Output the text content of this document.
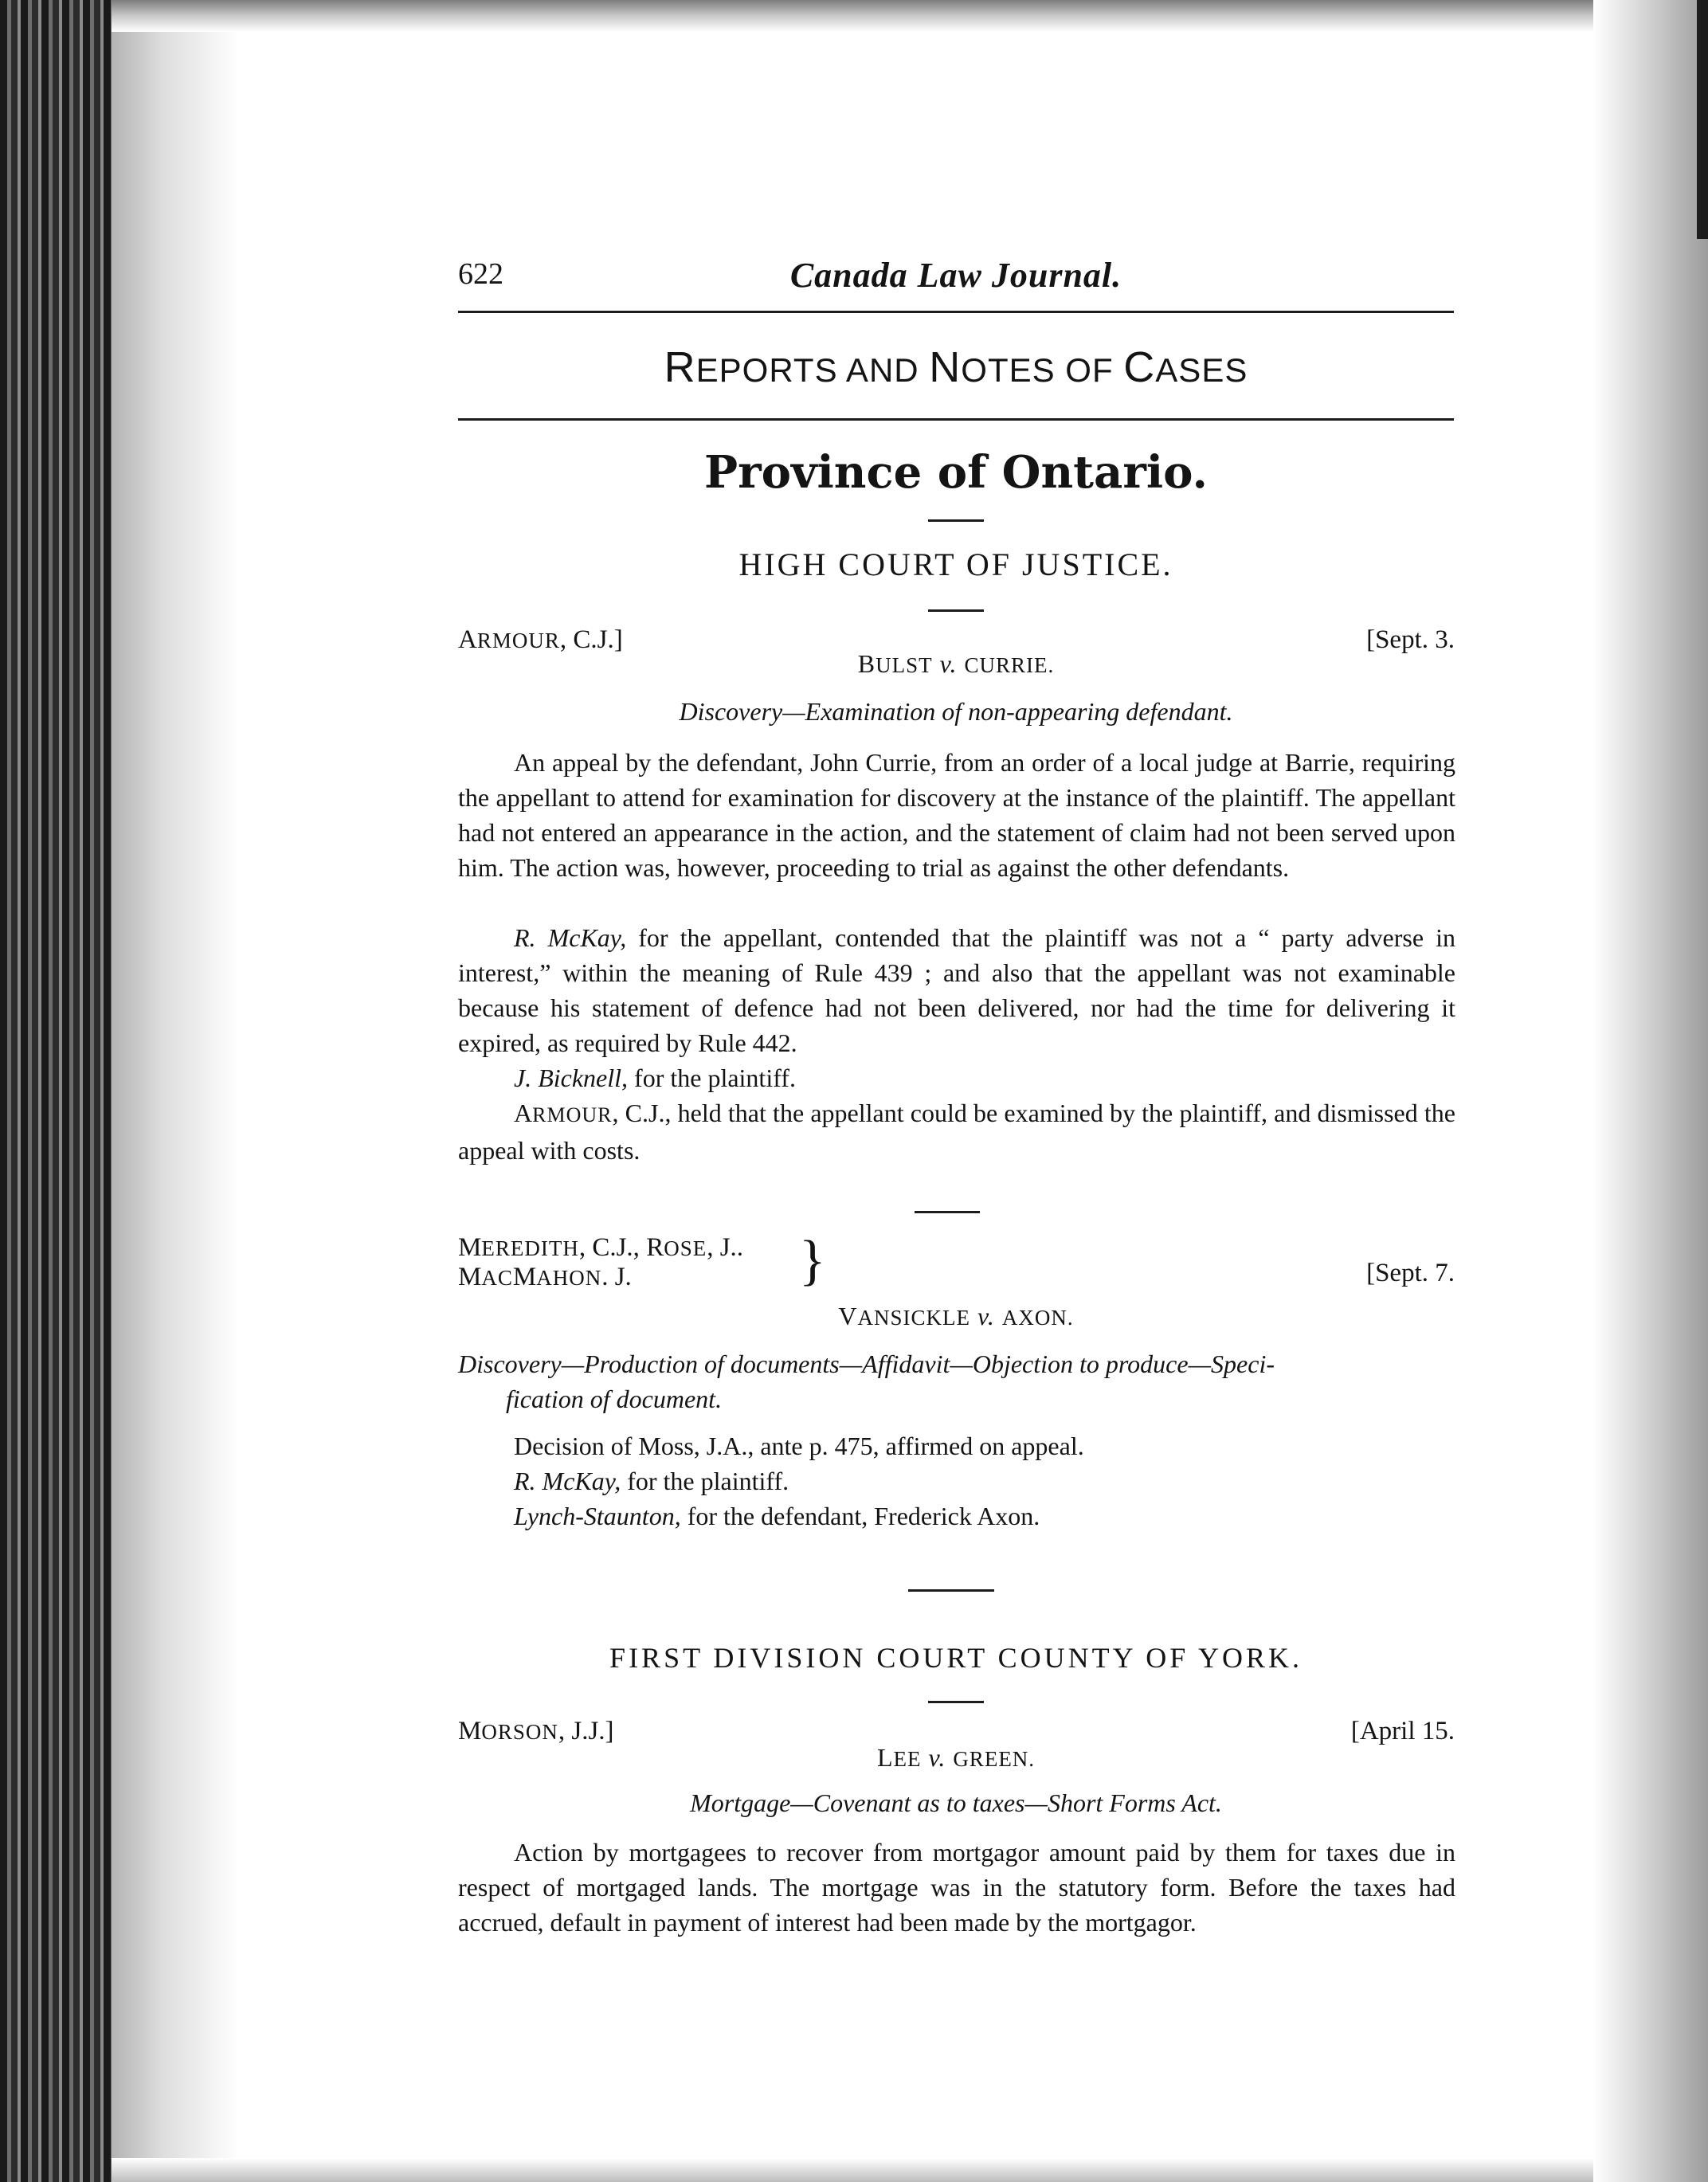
622	Canada Law Journal.
REPORTS AND NOTES OF CASES
Province of Ontario.
HIGH COURT OF JUSTICE.
ARMOUR, C.J.]	[Sept. 3.
BULST v. CURRIE.
Discovery—Examination of non-appearing defendant.
An appeal by the defendant, John Currie, from an order of a local judge at Barrie, requiring the appellant to attend for examination for discovery at the instance of the plaintiff. The appellant had not entered an appearance in the action, and the statement of claim had not been served upon him. The action was, however, proceeding to trial as against the other defendants.
R. McKay, for the appellant, contended that the plaintiff was not a “ party adverse in interest,” within the meaning of Rule 439 ; and also that the appellant was not examinable because his statement of defence had not been delivered, nor had the time for delivering it expired, as required by Rule 442.
J. Bicknell, for the plaintiff.
ARMOUR, C.J., held that the appellant could be examined by the plaintiff, and dismissed the appeal with costs.
MEREDITH, C.J., ROSE, J..
MACMAHON. J.	}	[Sept. 7.
VANSICKLE v. AXON.
Discovery—Production of documents—Affidavit—Objection to produce—Speci-
fication of document.
Decision of Moss, J.A., ante p. 475, affirmed on appeal.
R. McKay, for the plaintiff.
Lynch-Staunton, for the defendant, Frederick Axon.
FIRST DIVISION COURT COUNTY OF YORK.
MORSON, J.J.]	[April 15.
LEE v. GREEN.
Mortgage—Covenant as to taxes—Short Forms Act.
Action by mortgagees to recover from mortgagor amount paid by them for taxes due in respect of mortgaged lands. The mortgage was in the statutory form. Before the taxes had accrued, default in payment of interest had been made by the mortgagor.
